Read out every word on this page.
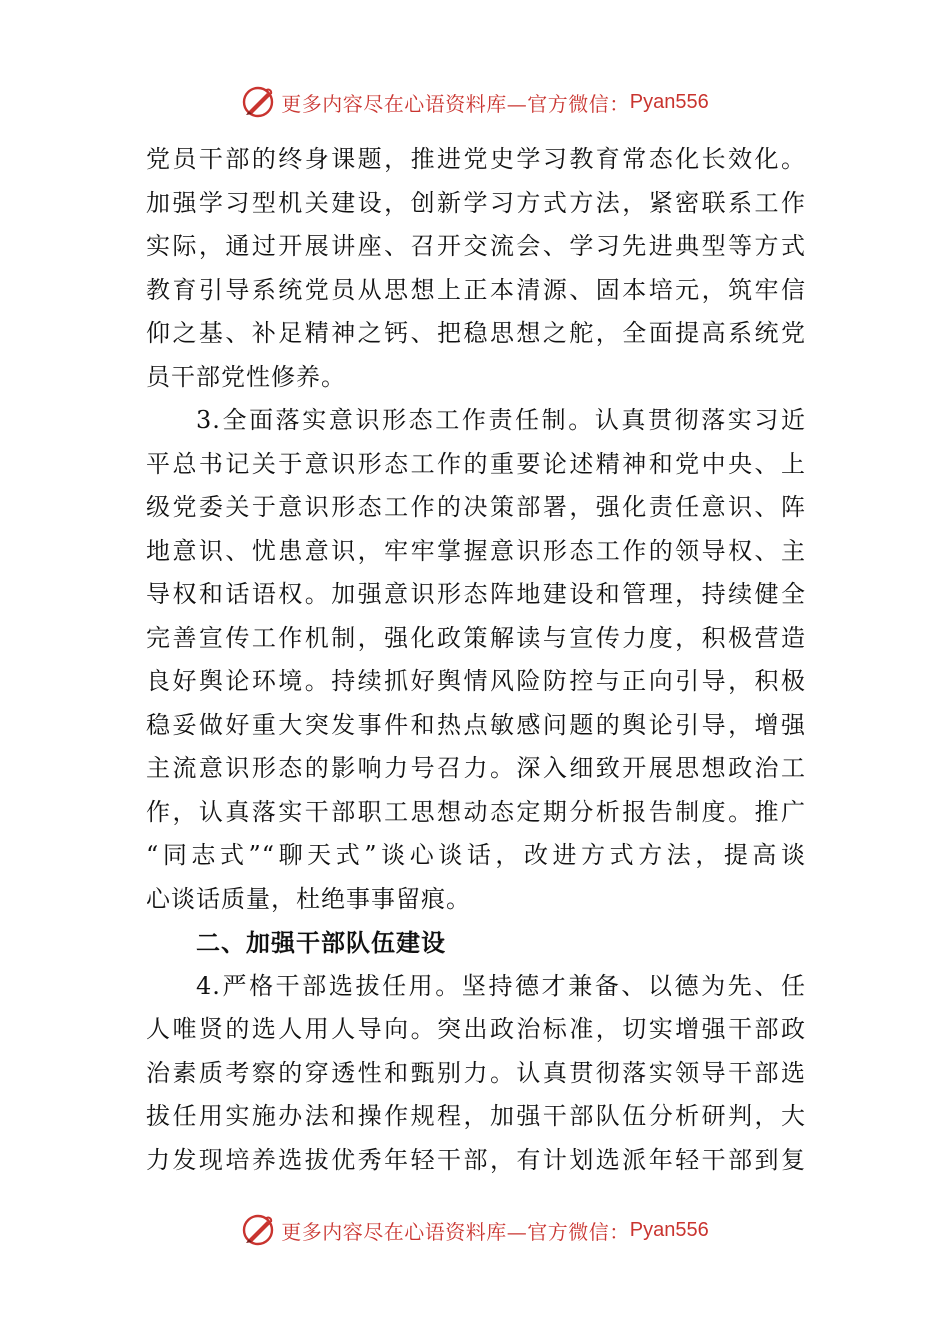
更多内容尽在心语资料库—官方微信： Pyan556
党员干部的终身课题，推进党史学习教育常态化长效化。
加强学习型机关建设，创新学习方式方法，紧密联系工作
实际，通过开展讲座、召开交流会、学习先进典型等方式
教育引导系统党员从思想上正本清源、固本培元，筑牢信
仰之基、补足精神之钙、把稳思想之舵，全面提高系统党
员干部党性修养。
3.全面落实意识形态工作责任制。认真贯彻落实习近
平总书记关于意识形态工作的重要论述精神和党中央、上
级党委关于意识形态工作的决策部署，强化责任意识、阵
地意识、忧患意识，牢牢掌握意识形态工作的领导权、主
导权和话语权。加强意识形态阵地建设和管理，持续健全
完善宣传工作机制，强化政策解读与宣传力度，积极营造
良好舆论环境。持续抓好舆情风险防控与正向引导，积极
稳妥做好重大突发事件和热点敏感问题的舆论引导，增强
主流意识形态的影响力号召力。深入细致开展思想政治工
作，认真落实干部职工思想动态定期分析报告制度。推广
“同志式”“聊天式”谈心谈话，改进方式方法，提高谈
心谈话质量，杜绝事事留痕。
二、加强干部队伍建设
4.严格干部选拔任用。坚持德才兼备、以德为先、任
人唯贤的选人用人导向。突出政治标准，切实增强干部政
治素质考察的穿透性和甄别力。认真贯彻落实领导干部选
拔任用实施办法和操作规程，加强干部队伍分析研判，大
力发现培养选拔优秀年轻干部，有计划选派年轻干部到复
更多内容尽在心语资料库—官方微信： Pyan556
